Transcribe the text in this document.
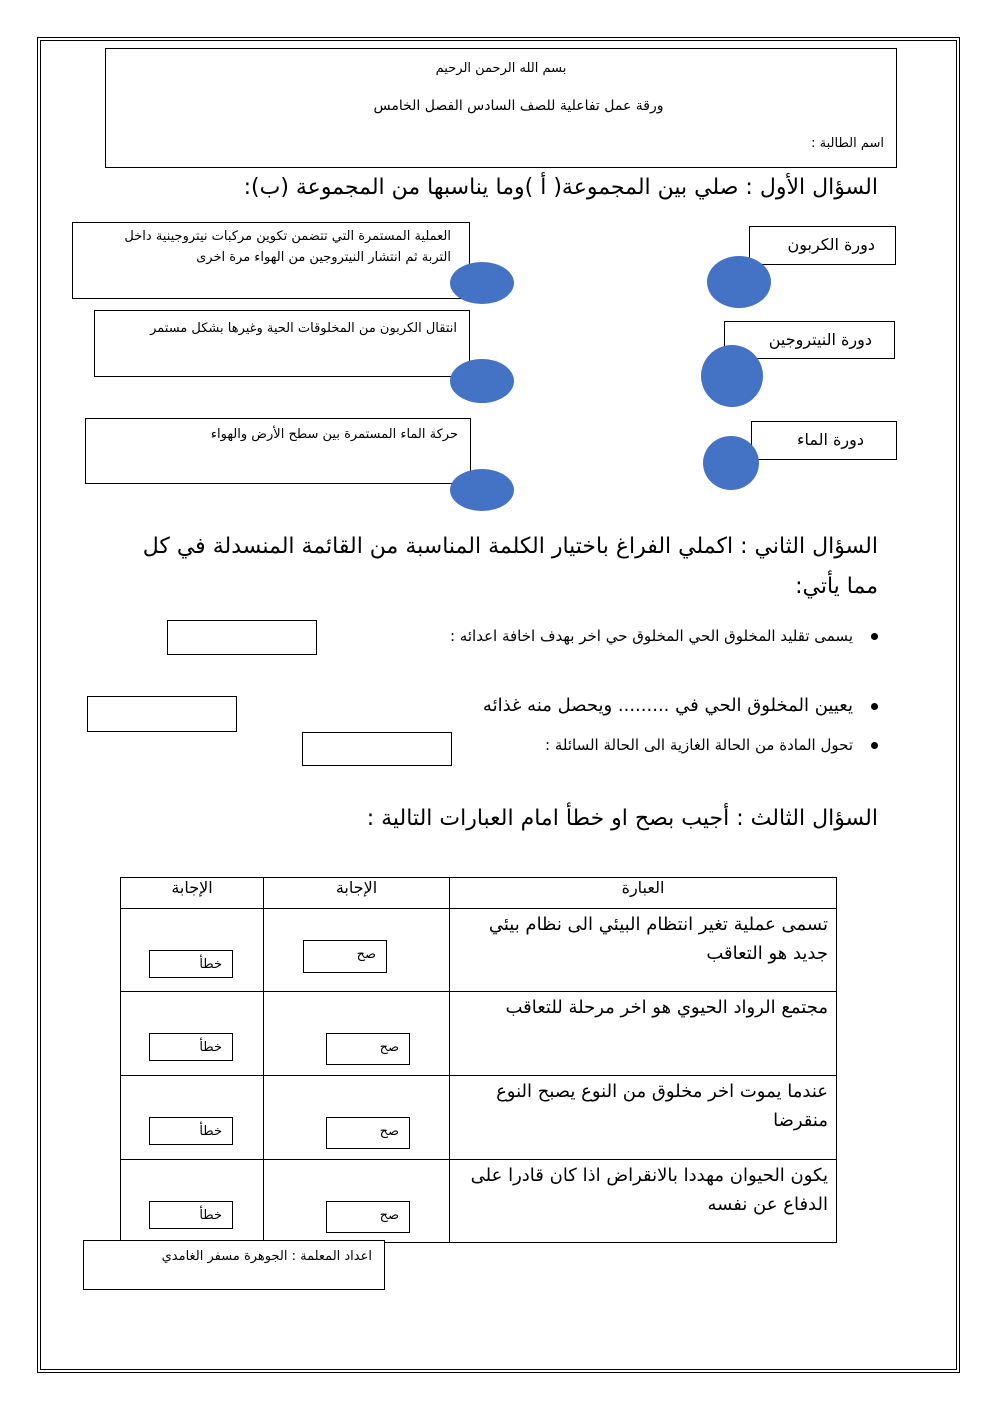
بسم الله الرحمن الرحيم
ورقة عمل تفاعلية للصف السادس الفصل الخامس
اسم الطالبة :
السؤال الأول : صلي بين المجموعة( أ )وما يناسبها من المجموعة (ب):
العملية المستمرة التي تتضمن تكوين مركبات نيتروجينية داخل التربة ثم انتشار النيتروجين من الهواء مرة اخرى
انتقال الكربون من المخلوقات الحية وغيرها بشكل مستمر
حركة الماء المستمرة بين سطح الأرض والهواء
دورة الكربون
دورة النيتروجين
دورة الماء
السؤال الثاني : اكملي الفراغ باختيار الكلمة المناسبة من القائمة المنسدلة في كل
مما يأتي:
يسمى تقليد المخلوق الحي المخلوق حي اخر بهدف اخافة اعدائه :
يعيين المخلوق الحي في ......... ويحصل منه غذائه
تحول المادة من الحالة الغازية الى الحالة السائلة :
السؤال الثالث : أجيب بصح او خطأ امام العبارات التالية :
الإجابة	الإجابة	العبارة

خطأ	صح	تسمى عملية تغير انتظام البيئي الى نظام بيئي جديد هو التعاقب

خطأ	صح	مجتمع الرواد الحيوي هو اخر مرحلة للتعاقب

خطأ	صح	عندما يموت اخر مخلوق من النوع يصبح النوع منقرضا

خطأ	صح	يكون الحيوان مهددا بالانقراض اذا كان قادرا على الدفاع عن نفسه
اعداد المعلمة : الجوهرة مسفر الغامدي
